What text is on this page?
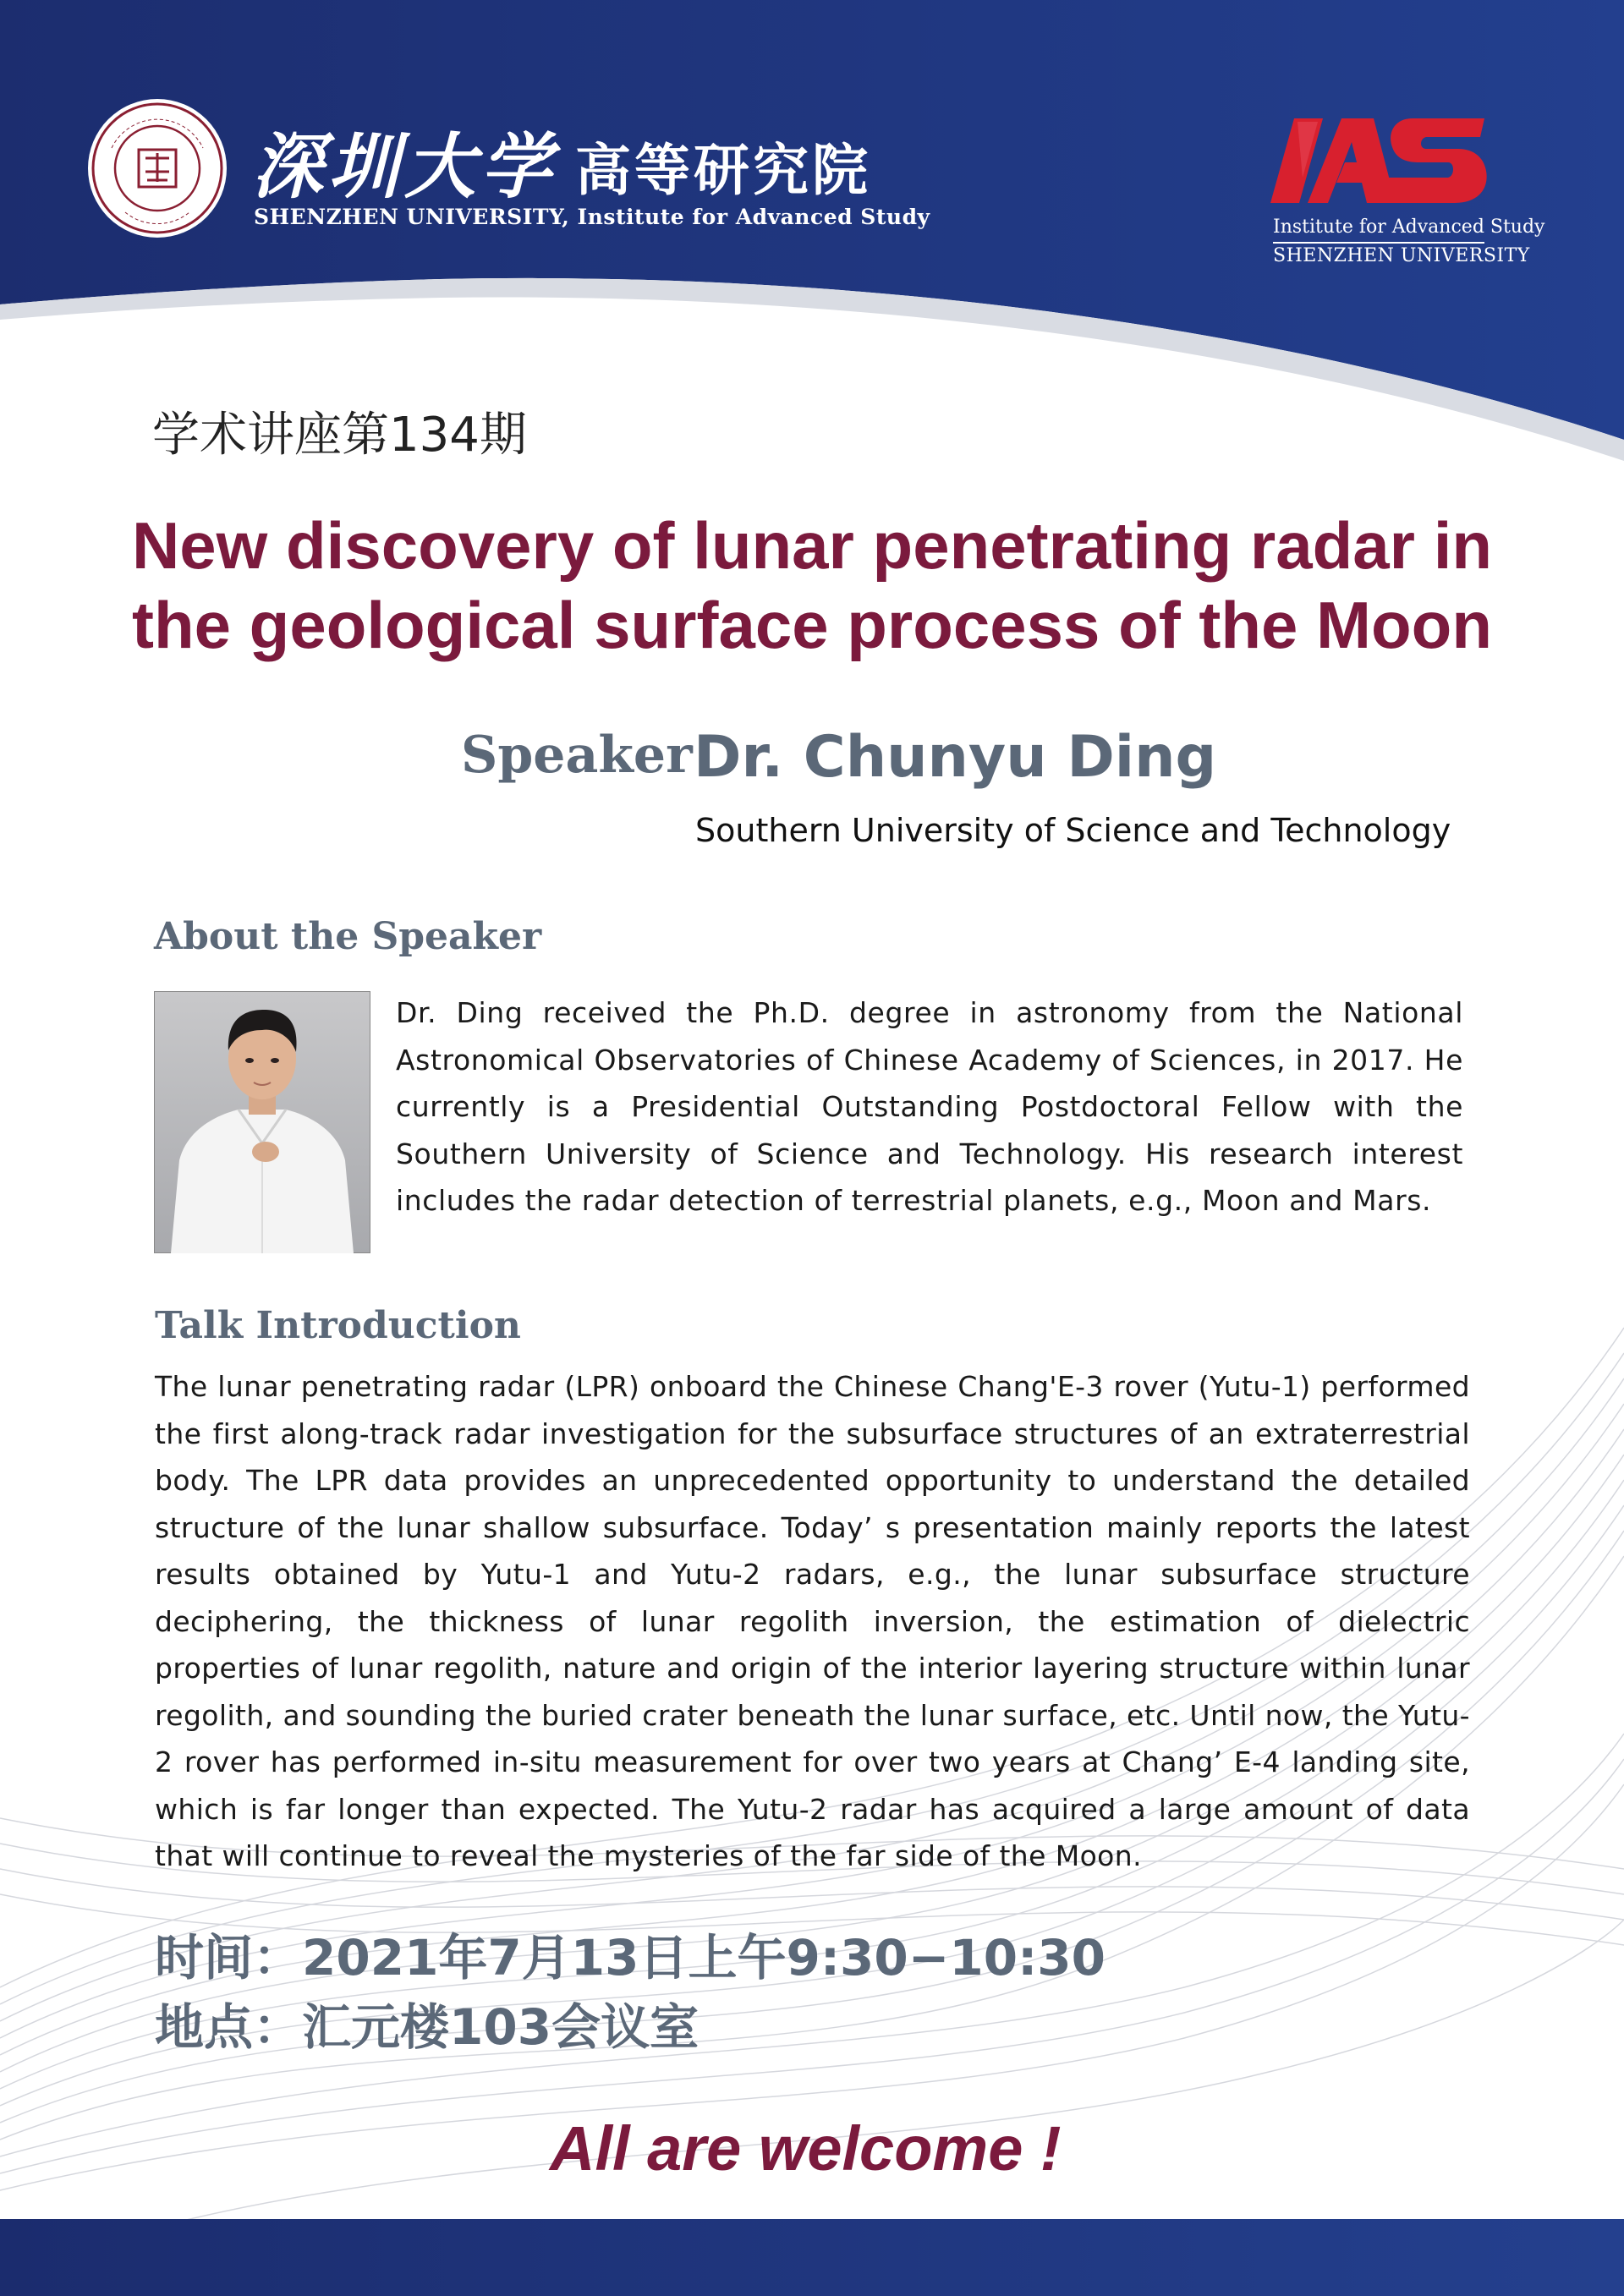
深圳大学 高等研究院
SHENZHEN UNIVERSITY, Institute for Advanced Study	Institute for Advanced Study
SHENZHEN UNIVERSITY
学术讲座第134期
New discovery of lunar penetrating radar in the geological surface process of the Moon
Speaker Dr. Chunyu Ding
Southern University of Science and Technology
About the Speaker
Dr. Ding received the Ph.D. degree in astronomy from the National Astronomical Observatories of Chinese Academy of Sciences, in 2017. He currently is a Presidential Outstanding Postdoctoral Fellow with the Southern University of Science and Technology. His research interest includes the radar detection of terrestrial planets, e.g., Moon and Mars.
Talk Introduction
The lunar penetrating radar (LPR) onboard the Chinese Chang'E-3 rover (Yutu-1) performed the first along-track radar investigation for the subsurface structures of an extraterrestrial body. The LPR data provides an unprecedented opportunity to understand the detailed structure of the lunar shallow subsurface. Today’ s presentation mainly reports the latest results obtained by Yutu-1 and Yutu-2 radars, e.g., the lunar subsurface structure deciphering, the thickness of lunar regolith inversion, the estimation of dielectric properties of lunar regolith, nature and origin of the interior layering structure within lunar regolith, and sounding the buried crater beneath the lunar surface, etc. Until now, the Yutu-2 rover has performed in-situ measurement for over two years at Chang’ E-4 landing site, which is far longer than expected. The Yutu-2 radar has acquired a large amount of data that will continue to reveal the mysteries of the far side of the Moon.
时间：2021年7月13日上午9:30−10:30
地点：汇元楼103会议室
All are welcome !
